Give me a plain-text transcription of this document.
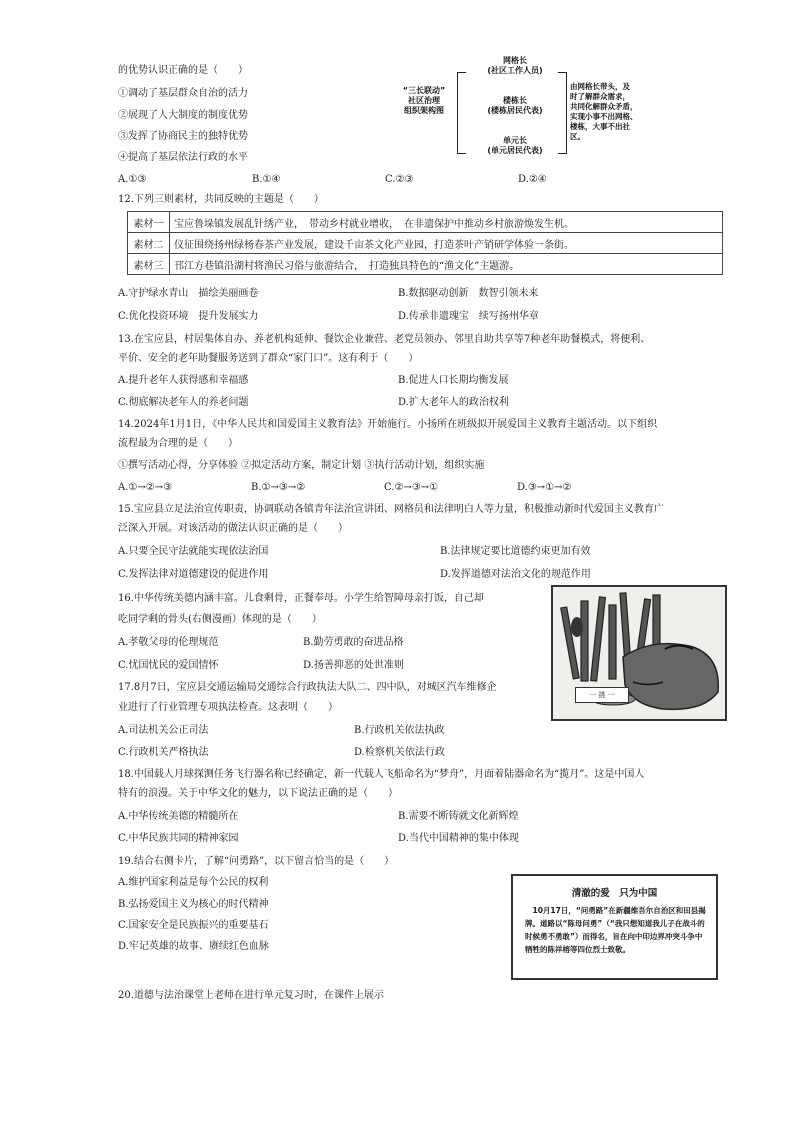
的优势认识正确的是（　　）
①调动了基层群众自治的活力
②展现了人大制度的制度优势
③发挥了协商民主的独特优势
④提高了基层依法行政的水平
A.①③	B.①④	C.②③	D.②④
“三长联动”
社区治理
组织架构图
网格长
(社区工作人员)
楼栋长
(楼栋居民代表)
单元长
(单元居民代表)
由网格长带头，及
时了解群众需求，
共同化解群众矛盾，
实现小事不出网格、
楼栋，大事不出社
区。
12.下列三则素材，共同反映的主题是（　　）
素材一	宝应鲁垛镇发展乱针绣产业，　带动乡村就业增收，　在非遗保护中推动乡村旅游焕发生机。
素材二	仪征围绕扬州绿杨春茶产业发展，建设千亩茶文化产业园，打造茶叶产销研学体验一条街。
素材三	邗江方巷镇沿湖村将渔民习俗与旅游结合，　打造独具特色的“渔文化”主题游。
A.守护绿水青山　描绘美丽画卷	B.数据驱动创新　数智引领未来
C.优化投资环境　提升发展实力	D.传承非遗瑰宝　续写扬州华章
13.在宝应县，村居集体自办、养老机构延伸、餐饮企业兼营、老党员领办、邻里自助共享等7种老年助餐模式，将便利、
平价、安全的老年助餐服务送到了群众“家门口”。这有利于（　　）
A.提升老年人获得感和幸福感	B.促进人口长期均衡发展
C.彻底解决老年人的养老问题	D.扩大老年人的政治权利
14.2024年1月1日，《中华人民共和国爱国主义教育法》开始施行。小扬所在班级拟开展爱国主义教育主题活动。以下组织
流程最为合理的是（　　）
①撰写活动心得，分享体验 ②拟定活动方案，制定计划 ③执行活动计划，组织实施
A.①→②→③	B.①→③→②	C.②→③→①	D.③→①→②
15.宝应县立足法治宣传职责，协调联动各镇青年法治宣讲团、网格员和法律明白人等力量，积极推动新时代爱国主义教育广
泛深入开展。对该活动的做法认识正确的是（　　）
A.只要全民守法就能实现依法治国	B.法律规定要比道德约束更加有效
C.发挥法律对道德建设的促进作用	D.发挥道德对法治文化的规范作用
16.中华传统美德内涵丰富。儿食剩骨，正餐奉母。小学生给智障母亲打饭，自己却
吃同学剩的骨头(右侧漫画）体现的是（　　）
A.孝敬父母的伦理规范	B.勤劳勇敢的奋进品格
C.忧国忧民的爱国情怀	D.扬善抑恶的处世准则
一 挑 一
17.8月7日，宝应县交通运输局交通综合行政执法大队二、四中队，对城区汽车维修企
业进行了行业管理专项执法检查。这表明（　　）
A.司法机关公正司法	B.行政机关依法执政
C.行政机关严格执法	D.检察机关依法行政
18.中国载人月球探测任务飞行器名称已经确定，新一代载人飞船命名为“梦舟”，月面着陆器命名为“揽月”。这是中国人
特有的浪漫。关于中华文化的魅力，以下说法正确的是（　　）
A.中华传统美德的精髓所在	B.需要不断铸就文化新辉煌
C.中华民族共同的精神家园	D.当代中国精神的集中体现
19.结合右侧卡片，了解“问勇路”，以下留言恰当的是（　　）
A.维护国家利益是每个公民的权利
B.弘扬爱国主义为核心的时代精神
C.国家安全是民族振兴的重要基石
D.牢记英雄的故事、赓续红色血脉
清澈的爱　只为中国
　10月17日，“问勇路”在新疆维吾尔自治区和田县揭牌。道路以“陈母问勇”（“我只想知道我儿子在战斗的时候勇不勇敢”）而得名，旨在向中印边界冲突斗争中牺牲的陈祥榕等四位烈士致敬。
20.道德与法治课堂上老师在进行单元复习时，在课件上展示
